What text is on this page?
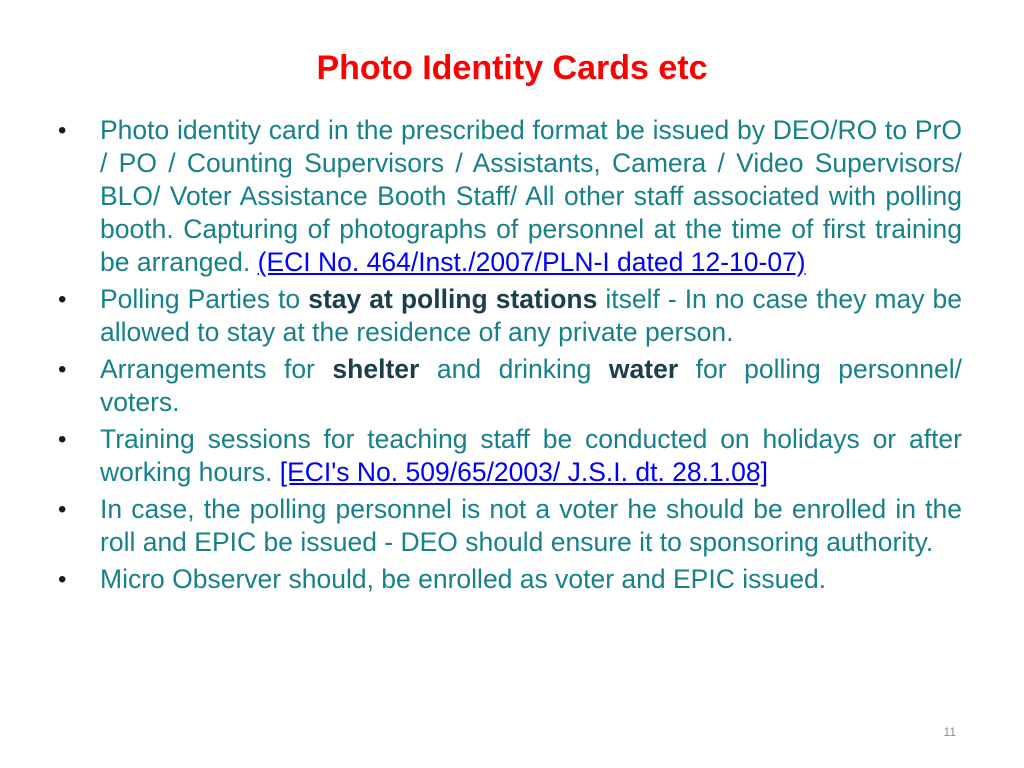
Photo Identity Cards etc
• Photo identity card in the prescribed format be issued by DEO/RO to PrO / PO / Counting Supervisors / Assistants, Camera / Video Supervisors/ BLO/ Voter Assistance Booth Staff/ All other staff associated with polling booth. Capturing of photographs of personnel at the time of first training be arranged. (ECI No. 464/Inst./2007/PLN-I dated 12-10-07)
• Polling Parties to stay at polling stations itself - In no case they may be allowed to stay at the residence of any private person.
• Arrangements for shelter and drinking water for polling personnel/ voters.
• Training sessions for teaching staff be conducted on holidays or after working hours. [ECI's No. 509/65/2003/ J.S.I. dt. 28.1.08]
• In case, the polling personnel is not a voter he should be enrolled in the roll and EPIC be issued - DEO should ensure it to sponsoring authority.
• Micro Observer should, be enrolled as voter and EPIC issued.
11
